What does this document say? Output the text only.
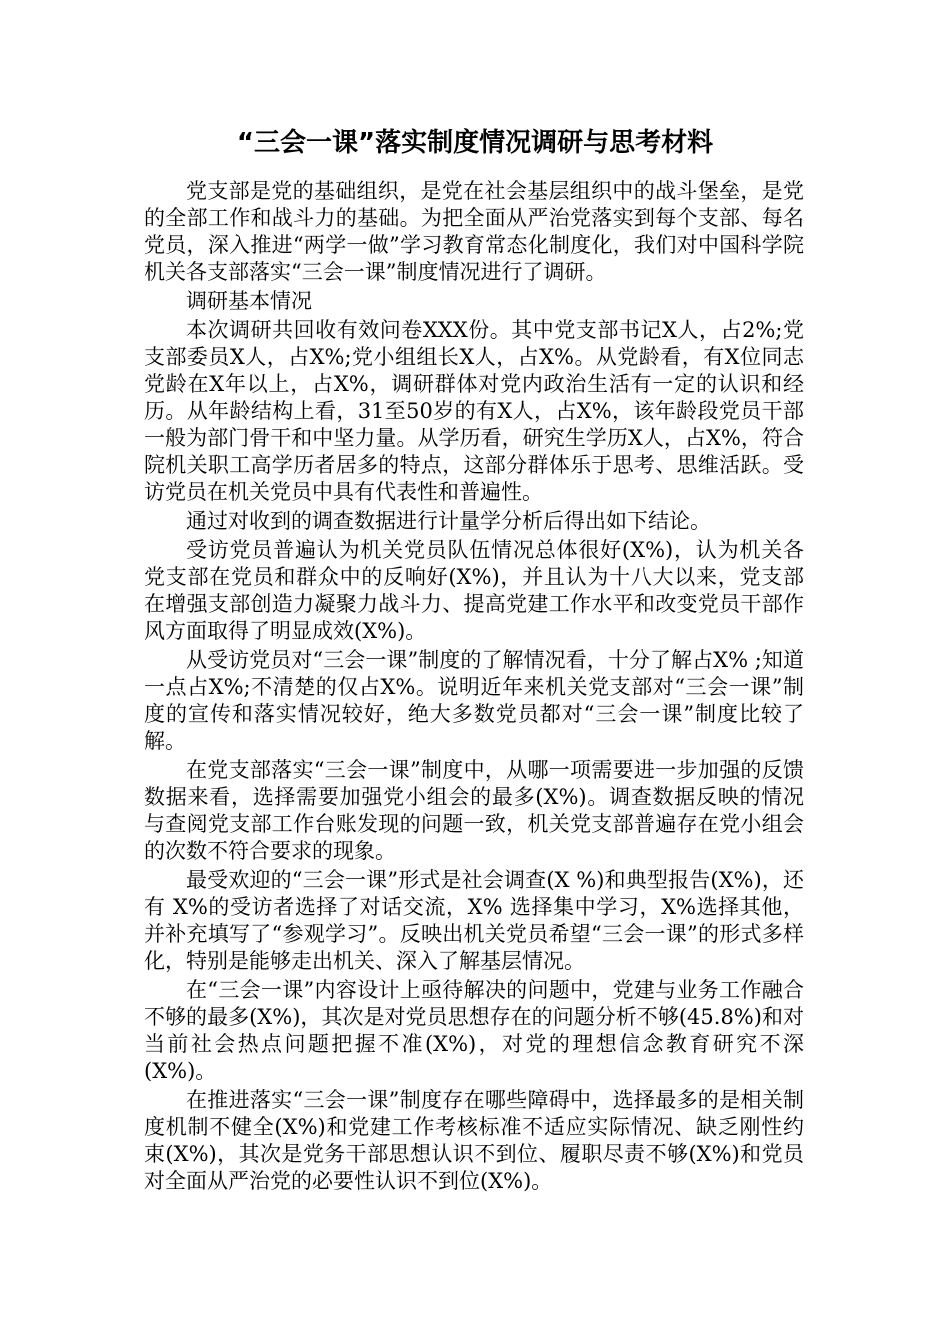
“三会一课”落实制度情况调研与思考材料

党支部是党的基础组织，是党在社会基层组织中的战斗堡垒，是党的全部工作和战斗力的基础。为把全面从严治党落实到每个支部、每名党员，深入推进“两学一做”学习教育常态化制度化，我们对中国科学院机关各支部落实“三会一课”制度情况进行了调研。

调研基本情况

本次调研共回收有效问卷XXX份。其中党支部书记X人，占2%;党支部委员X人，占X%;党小组组长X人，占X%。从党龄看，有X位同志党龄在X年以上，占X%，调研群体对党内政治生活有一定的认识和经历。从年龄结构上看，31至50岁的有X人，占X%，该年龄段党员干部一般为部门骨干和中坚力量。从学历看，研究生学历X人，占X%，符合院机关职工高学历者居多的特点，这部分群体乐于思考、思维活跃。受访党员在机关党员中具有代表性和普遍性。

通过对收到的调查数据进行计量学分析后得出如下结论。

受访党员普遍认为机关党员队伍情况总体很好(X%)，认为机关各党支部在党员和群众中的反响好(X%)，并且认为十八大以来，党支部在增强支部创造力凝聚力战斗力、提高党建工作水平和改变党员干部作风方面取得了明显成效(X%)。

从受访党员对“三会一课”制度的了解情况看，十分了解占X% ;知道一点占X%;不清楚的仅占X%。说明近年来机关党支部对“三会一课”制度的宣传和落实情况较好，绝大多数党员都对“三会一课”制度比较了解。

在党支部落实“三会一课”制度中，从哪一项需要进一步加强的反馈数据来看，选择需要加强党小组会的最多(X%)。调查数据反映的情况与查阅党支部工作台账发现的问题一致，机关党支部普遍存在党小组会的次数不符合要求的现象。

最受欢迎的“三会一课”形式是社会调查(X %)和典型报告(X%)，还有 X%的受访者选择了对话交流，X% 选择集中学习，X%选择其他，并补充填写了“参观学习”。反映出机关党员希望“三会一课”的形式多样化，特别是能够走出机关、深入了解基层情况。

在“三会一课”内容设计上亟待解决的问题中，党建与业务工作融合不够的最多(X%)，其次是对党员思想存在的问题分析不够(45.8%)和对当前社会热点问题把握不准(X%)，对党的理想信念教育研究不深(X%)。

在推进落实“三会一课”制度存在哪些障碍中，选择最多的是相关制度机制不健全(X%)和党建工作考核标准不适应实际情况、缺乏刚性约束(X%)，其次是党务干部思想认识不到位、履职尽责不够(X%)和党员对全面从严治党的必要性认识不到位(X%)。
